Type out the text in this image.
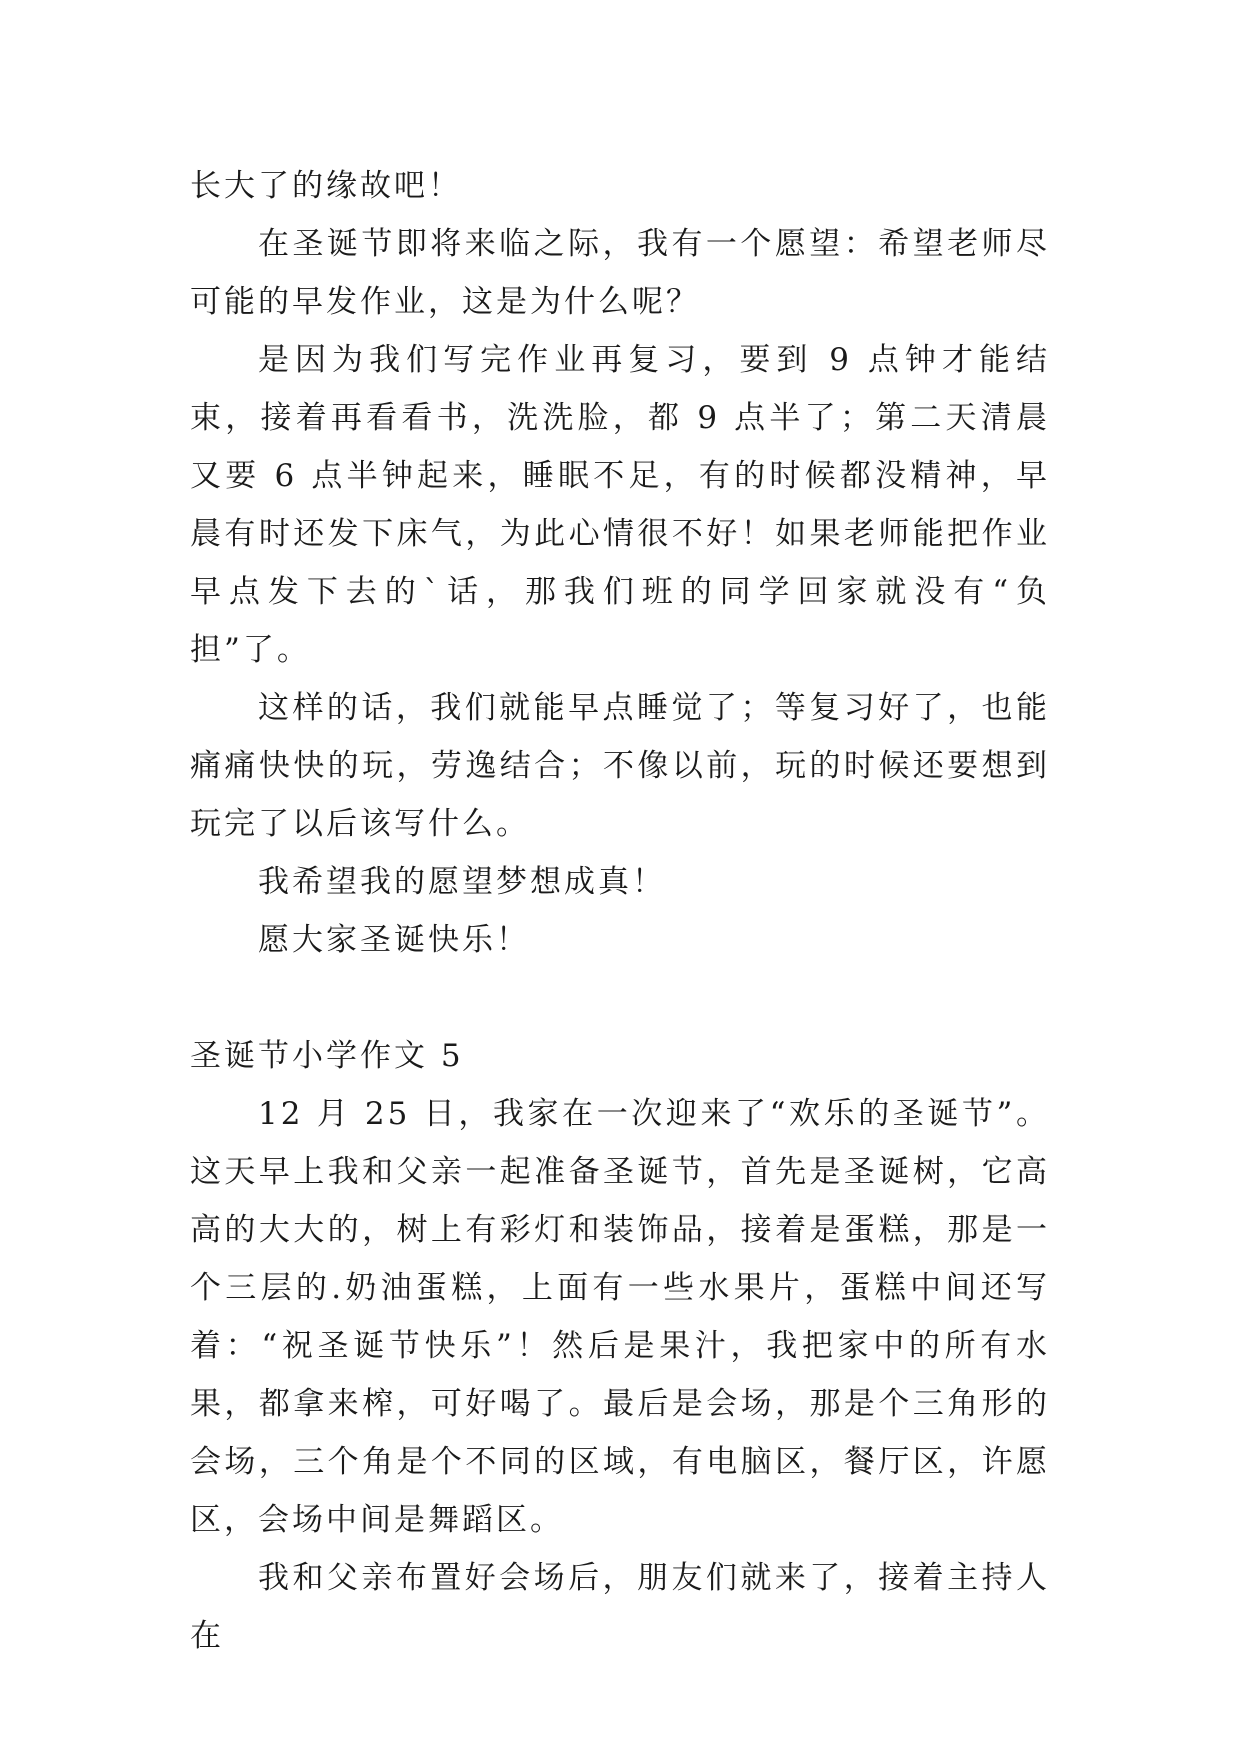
长大了的缘故吧！

在圣诞节即将来临之际，我有一个愿望：希望老师尽可能的早发作业，这是为什么呢？

是因为我们写完作业再复习，要到 9 点钟才能结束，接着再看看书，洗洗脸，都 9 点半了；第二天清晨又要 6 点半钟起来，睡眠不足，有的时候都没精神，早晨有时还发下床气，为此心情很不好！如果老师能把作业早点发下去的`话，那我们班的同学回家就没有“负担”了。

这样的话，我们就能早点睡觉了；等复习好了，也能痛痛快快的玩，劳逸结合；不像以前，玩的时候还要想到玩完了以后该写什么。

我希望我的愿望梦想成真！

愿大家圣诞快乐！

圣诞节小学作文 5

12 月 25 日，我家在一次迎来了“欢乐的圣诞节”。这天早上我和父亲一起准备圣诞节，首先是圣诞树，它高高的大大的，树上有彩灯和装饰品，接着是蛋糕，那是一个三层的.奶油蛋糕，上面有一些水果片，蛋糕中间还写着：“祝圣诞节快乐”！然后是果汁，我把家中的所有水果，都拿来榨，可好喝了。最后是会场，那是个三角形的会场，三个角是个不同的区域，有电脑区，餐厅区，许愿区，会场中间是舞蹈区。

我和父亲布置好会场后，朋友们就来了，接着主持人在
